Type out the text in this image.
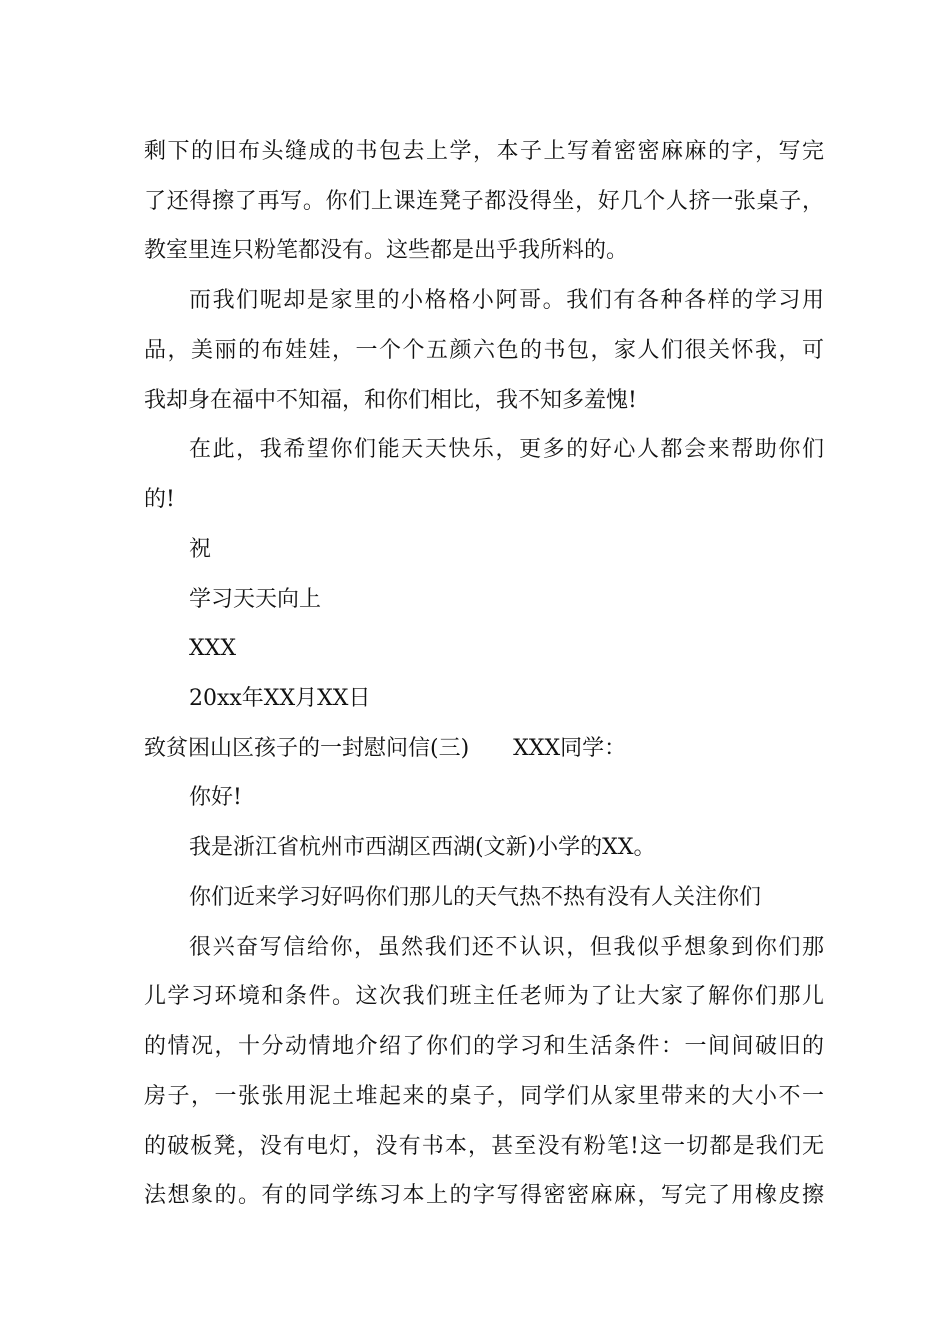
剩下的旧布头缝成的书包去上学，本子上写着密密麻麻的字，写完
了还得擦了再写。你们上课连凳子都没得坐，好几个人挤一张桌子，
教室里连只粉笔都没有。这些都是出乎我所料的。
而我们呢却是家里的小格格小阿哥。我们有各种各样的学习用
品，美丽的布娃娃，一个个五颜六色的书包，家人们很关怀我，可
我却身在福中不知福，和你们相比，我不知多羞愧!
在此，我希望你们能天天快乐，更多的好心人都会来帮助你们
的!
祝
学习天天向上
XXX
20xx年XX月XX日
致贫困山区孩子的一封慰问信(三)　　XXX同学：
你好!
我是浙江省杭州市西湖区西湖(文新)小学的XX。
你们近来学习好吗你们那儿的天气热不热有没有人关注你们
很兴奋写信给你，虽然我们还不认识，但我似乎想象到你们那
儿学习环境和条件。这次我们班主任老师为了让大家了解你们那儿
的情况，十分动情地介绍了你们的学习和生活条件：一间间破旧的
房子，一张张用泥土堆起来的桌子，同学们从家里带来的大小不一
的破板凳，没有电灯，没有书本，甚至没有粉笔!这一切都是我们无
法想象的。有的同学练习本上的字写得密密麻麻，写完了用橡皮擦
